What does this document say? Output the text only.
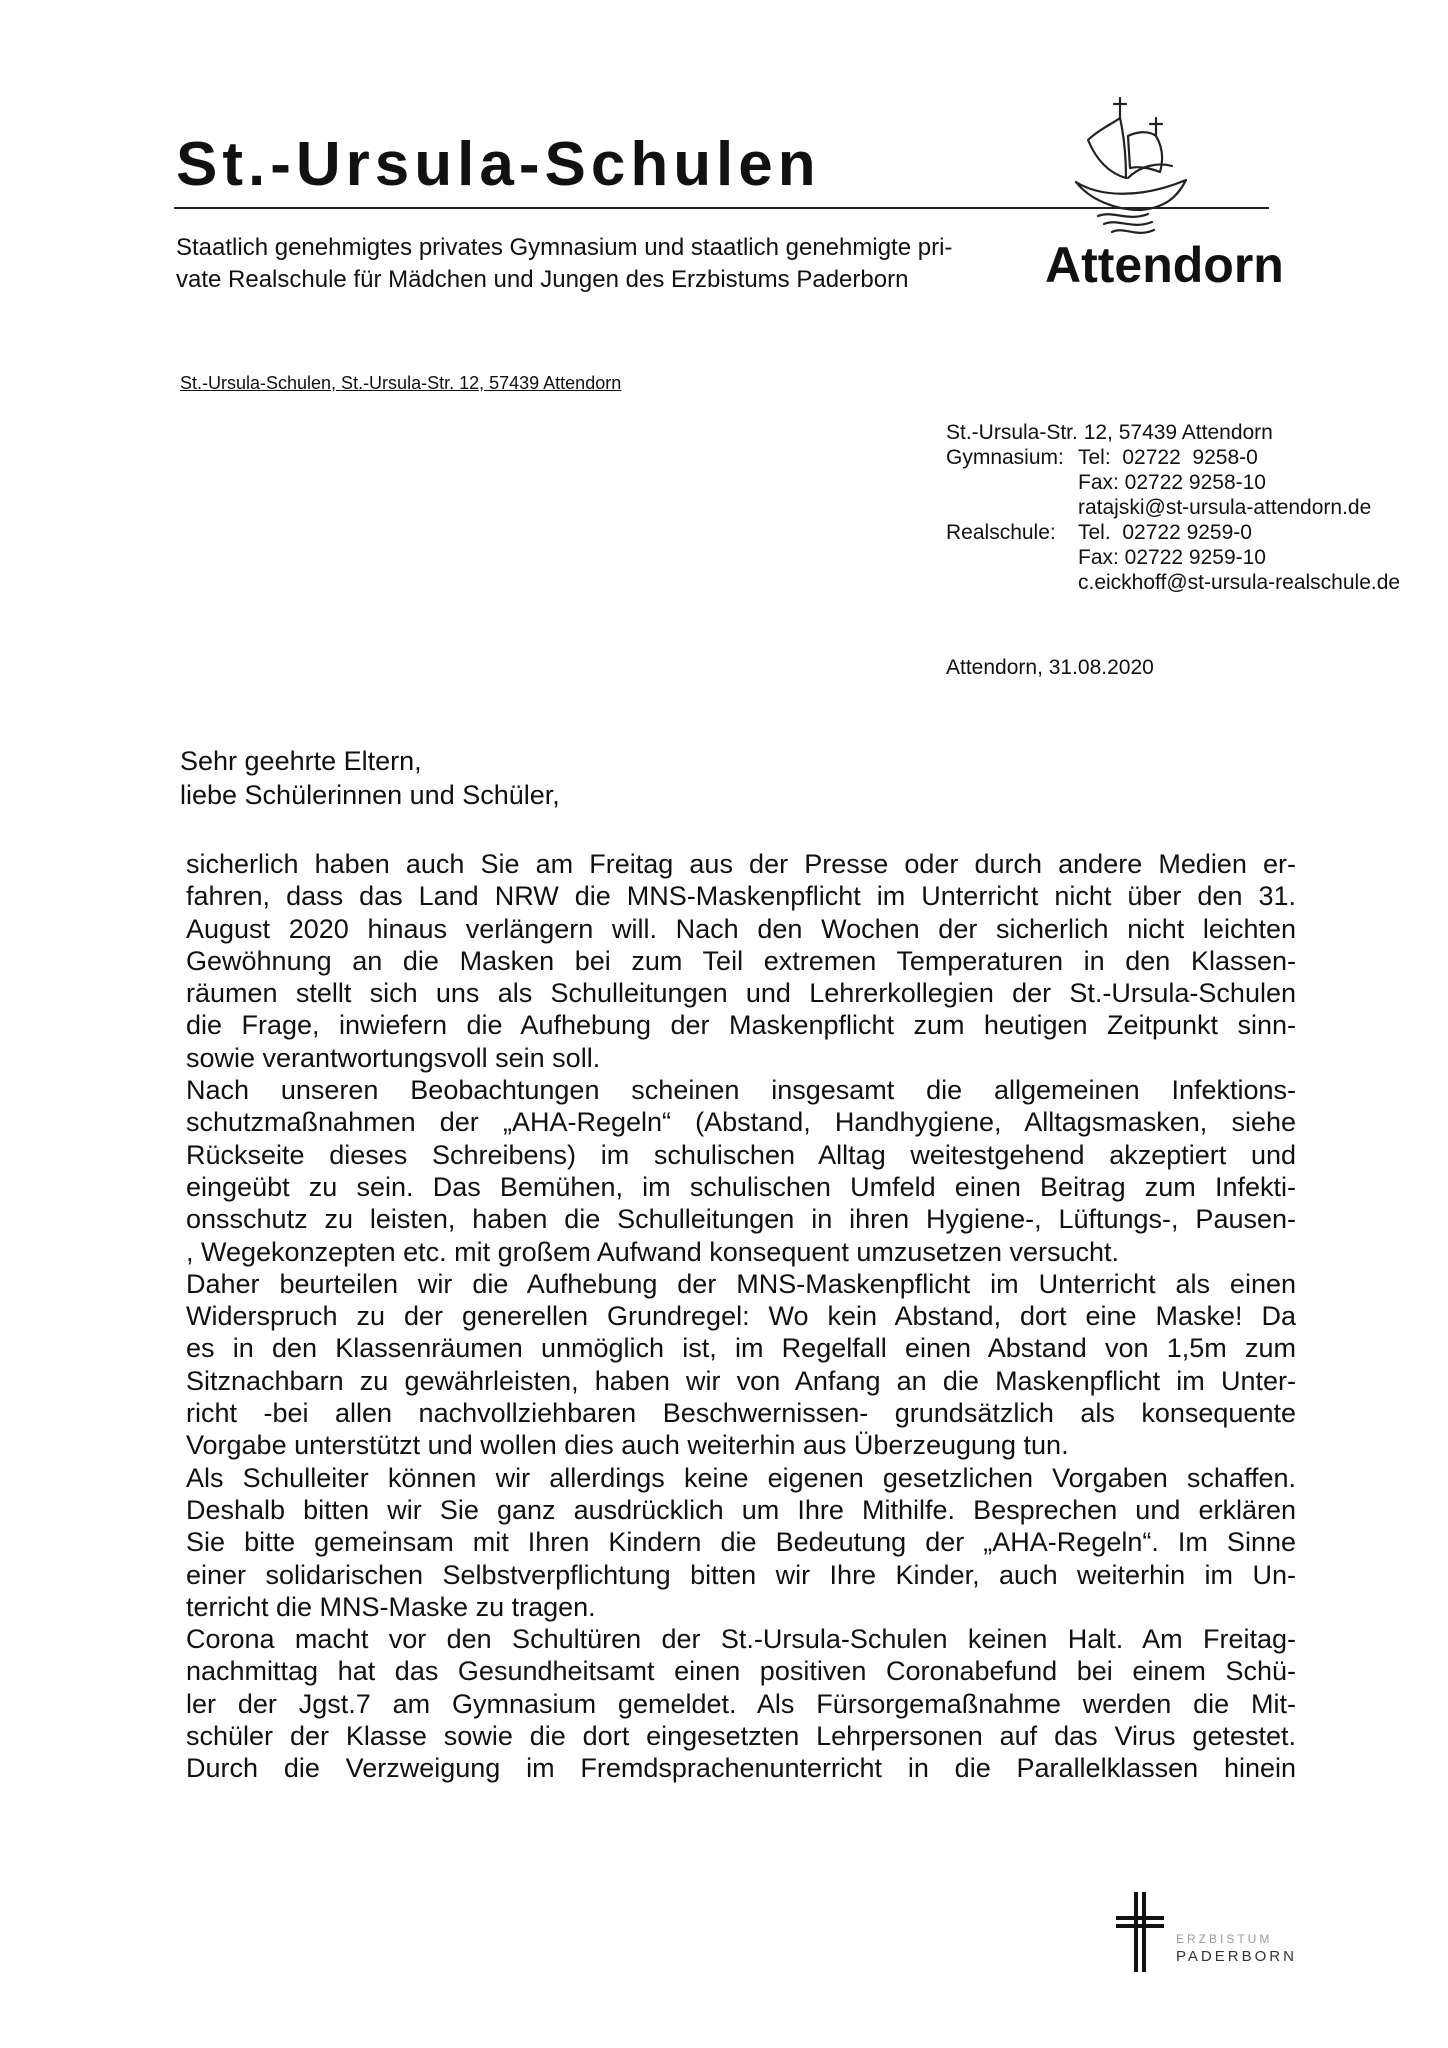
St.-Ursula-Schulen
Staatlich genehmigtes privates Gymnasium und staatlich genehmigte pri-
vate Realschule für Mädchen und Jungen des Erzbistums Paderborn	Attendorn
St.-Ursula-Schulen, St.-Ursula-Str. 12, 57439 Attendorn
St.-Ursula-Str. 12, 57439 Attendorn
Gymnasium: Tel:  02722  9258-0
Fax: 02722 9258-10
ratajski@st-ursula-attendorn.de
Realschule: Tel.  02722 9259-0
Fax: 02722 9259-10
c.eickhoff@st-ursula-realschule.de
Attendorn, 31.08.2020
Sehr geehrte Eltern,
liebe Schülerinnen und Schüler,
sicherlich haben auch Sie am Freitag aus der Presse oder durch andere Medien er-
fahren, dass das Land NRW die MNS-Maskenpflicht im Unterricht nicht über den 31.
August 2020 hinaus verlängern will. Nach den Wochen der sicherlich nicht leichten
Gewöhnung an die Masken bei zum Teil extremen Temperaturen in den Klassen-
räumen stellt sich uns als Schulleitungen und Lehrerkollegien der St.-Ursula-Schulen
die Frage, inwiefern die Aufhebung der Maskenpflicht zum heutigen Zeitpunkt sinn-
sowie verantwortungsvoll sein soll.
Nach unseren Beobachtungen scheinen insgesamt die allgemeinen Infektions-
schutzmaßnahmen der „AHA-Regeln“ (Abstand, Handhygiene, Alltagsmasken, siehe
Rückseite dieses Schreibens) im schulischen Alltag weitestgehend akzeptiert und
eingeübt zu sein. Das Bemühen, im schulischen Umfeld einen Beitrag zum Infekti-
onsschutz zu leisten, haben die Schulleitungen in ihren Hygiene-, Lüftungs-, Pausen-
, Wegekonzepten etc. mit großem Aufwand konsequent umzusetzen versucht.
Daher beurteilen wir die Aufhebung der MNS-Maskenpflicht im Unterricht als einen
Widerspruch zu der generellen Grundregel: Wo kein Abstand, dort eine Maske! Da
es in den Klassenräumen unmöglich ist, im Regelfall einen Abstand von 1,5m zum
Sitznachbarn zu gewährleisten, haben wir von Anfang an die Maskenpflicht im Unter-
richt -bei allen nachvollziehbaren Beschwernissen- grundsätzlich als konsequente
Vorgabe unterstützt und wollen dies auch weiterhin aus Überzeugung tun.
Als Schulleiter können wir allerdings keine eigenen gesetzlichen Vorgaben schaffen.
Deshalb bitten wir Sie ganz ausdrücklich um Ihre Mithilfe. Besprechen und erklären
Sie bitte gemeinsam mit Ihren Kindern die Bedeutung der „AHA-Regeln“. Im Sinne
einer solidarischen Selbstverpflichtung bitten wir Ihre Kinder, auch weiterhin im Un-
terricht die MNS-Maske zu tragen.
Corona macht vor den Schultüren der St.-Ursula-Schulen keinen Halt. Am Freitag-
nachmittag hat das Gesundheitsamt einen positiven Coronabefund bei einem Schü-
ler der Jgst.7 am Gymnasium gemeldet. Als Fürsorgemaßnahme werden die Mit-
schüler der Klasse sowie die dort eingesetzten Lehrpersonen auf das Virus getestet.
Durch die Verzweigung im Fremdsprachenunterricht in die Parallelklassen hinein
ERZBISTUM
PADERBORN
